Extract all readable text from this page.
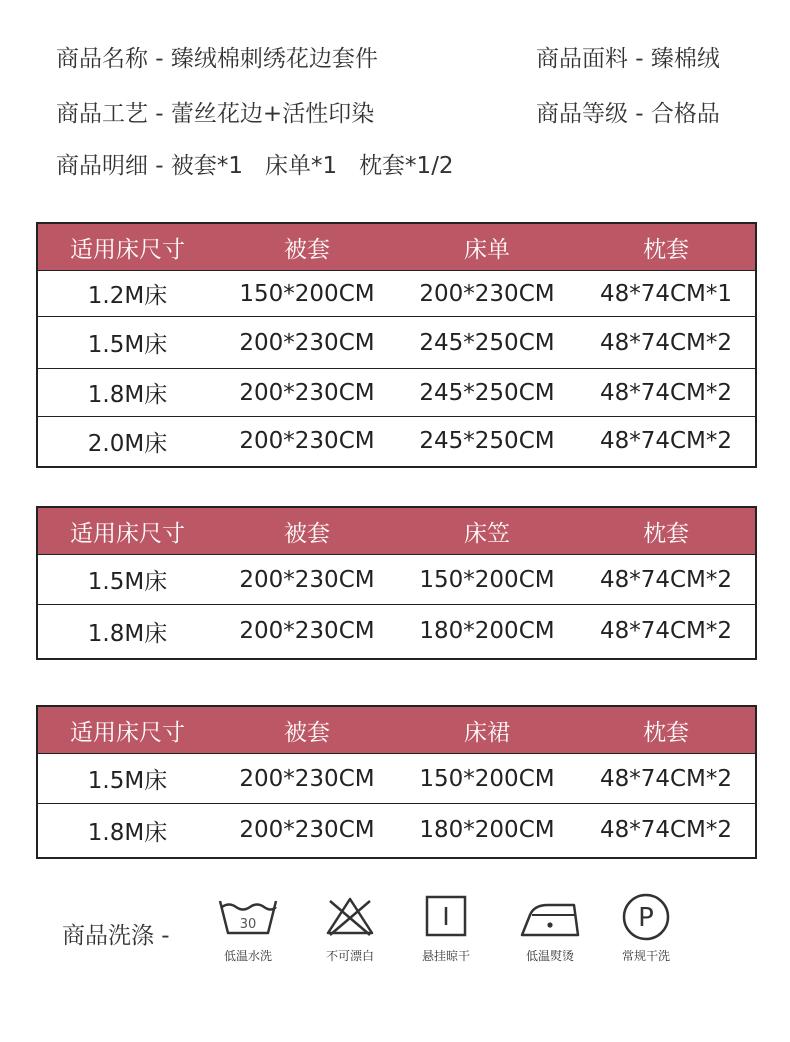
商品名称 - 臻绒棉刺绣花边套件	商品面料 - 臻棉绒
商品工艺 - 蕾丝花边+活性印染	商品等级 - 合格品
商品明细 - 被套*1   床单*1   枕套*1/2
适用床尺寸	被套	床单	枕套
1.2M床	150*200CM	200*230CM	48*74CM*1
1.5M床	200*230CM	245*250CM	48*74CM*2
1.8M床	200*230CM	245*250CM	48*74CM*2
2.0M床	200*230CM	245*250CM	48*74CM*2
适用床尺寸	被套	床笠	枕套
1.5M床	200*230CM	150*200CM	48*74CM*2
1.8M床	200*230CM	180*200CM	48*74CM*2
适用床尺寸	被套	床裙	枕套
1.5M床	200*230CM	150*200CM	48*74CM*2
1.8M床	200*230CM	180*200CM	48*74CM*2
商品洗涤 -	30
低温水洗	不可漂白	悬挂晾干	低温熨烫
P
常规干洗
